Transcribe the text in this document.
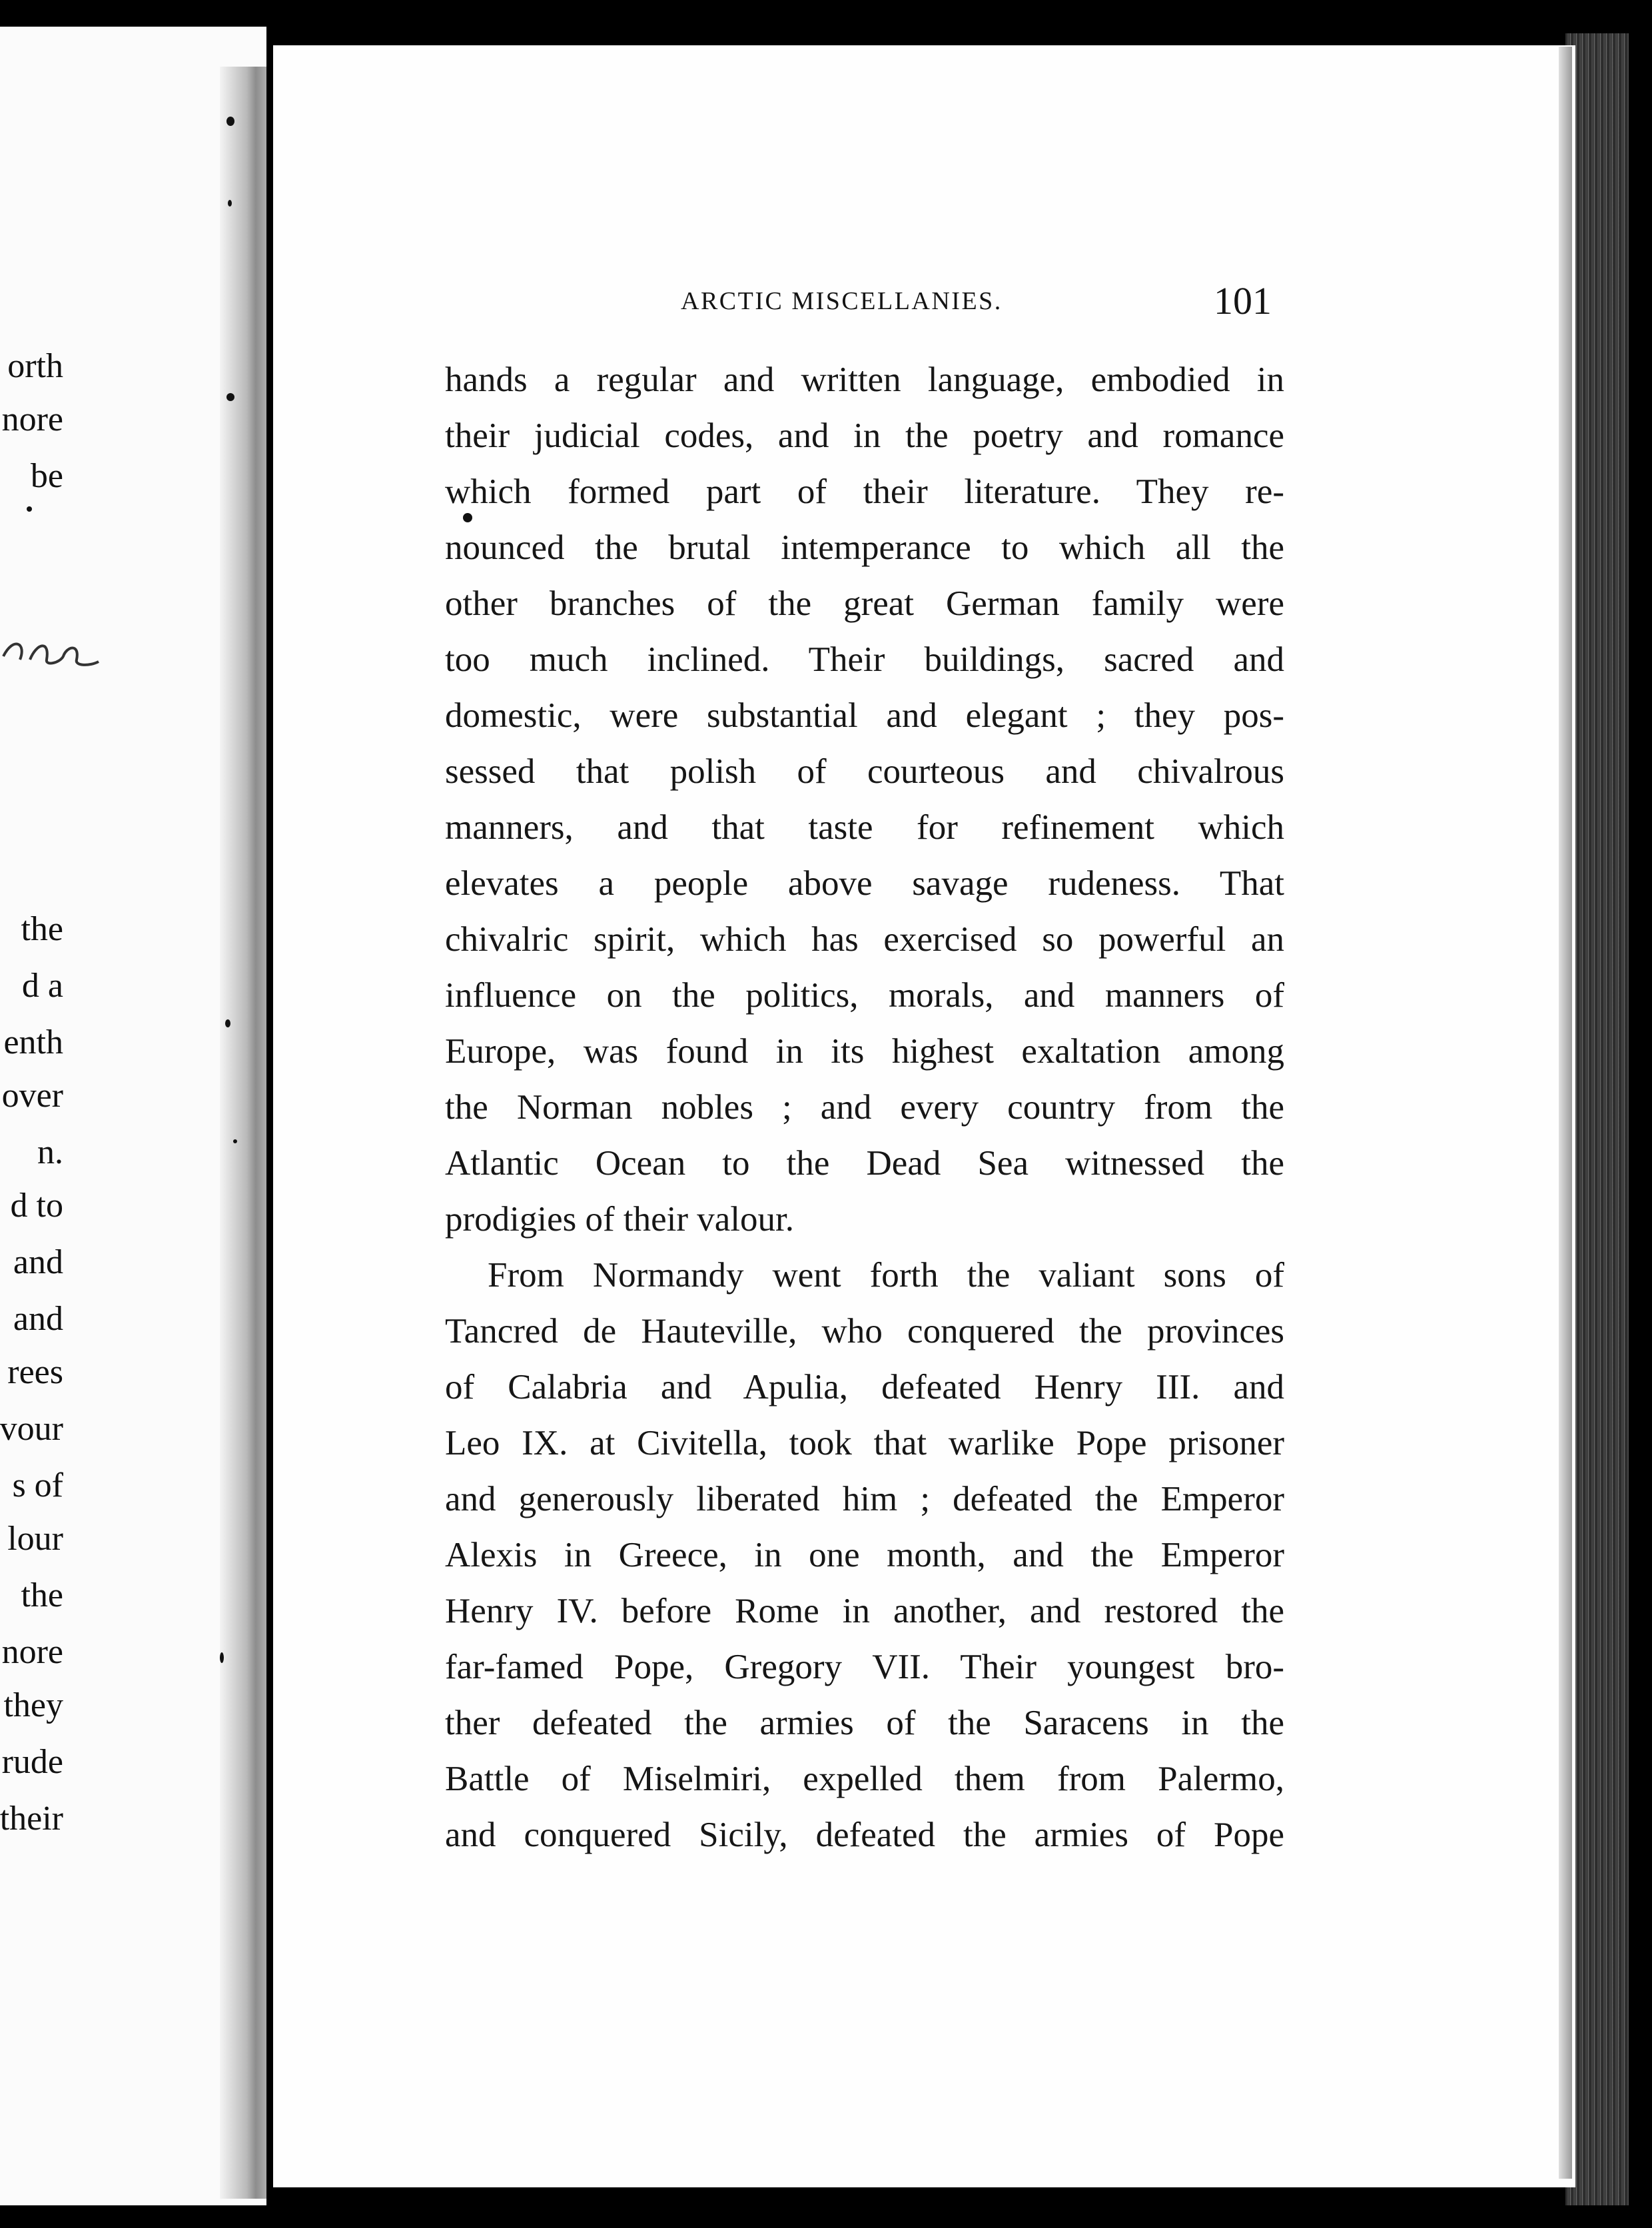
orth
nore
be
the
d a
enth
over
n.
d to
and
and
rees
vour
s of
lour
the
nore
they
rude
their
ARCTIC MISCELLANIES.	101
hands a regular and written language, embodied in
their judicial codes, and in the poetry and romance
which formed part of their literature. They re-
nounced the brutal intemperance to which all the
other branches of the great German family were
too much inclined. Their buildings, sacred and
domestic, were substantial and elegant ; they pos-
sessed that polish of courteous and chivalrous
manners, and that taste for refinement which
elevates a people above savage rudeness. That
chivalric spirit, which has exercised so powerful an
influence on the politics, morals, and manners of
Europe, was found in its highest exaltation among
the Norman nobles ; and every country from the
Atlantic Ocean to the Dead Sea witnessed the
prodigies of their valour.
From Normandy went forth the valiant sons of
Tancred de Hauteville, who conquered the provinces
of Calabria and Apulia, defeated Henry III. and
Leo IX. at Civitella, took that warlike Pope prisoner
and generously liberated him ; defeated the Emperor
Alexis in Greece, in one month, and the Emperor
Henry IV. before Rome in another, and restored the
far-famed Pope, Gregory VII. Their youngest bro-
ther defeated the armies of the Saracens in the
Battle of Miselmiri, expelled them from Palermo,
and conquered Sicily, defeated the armies of Pope
